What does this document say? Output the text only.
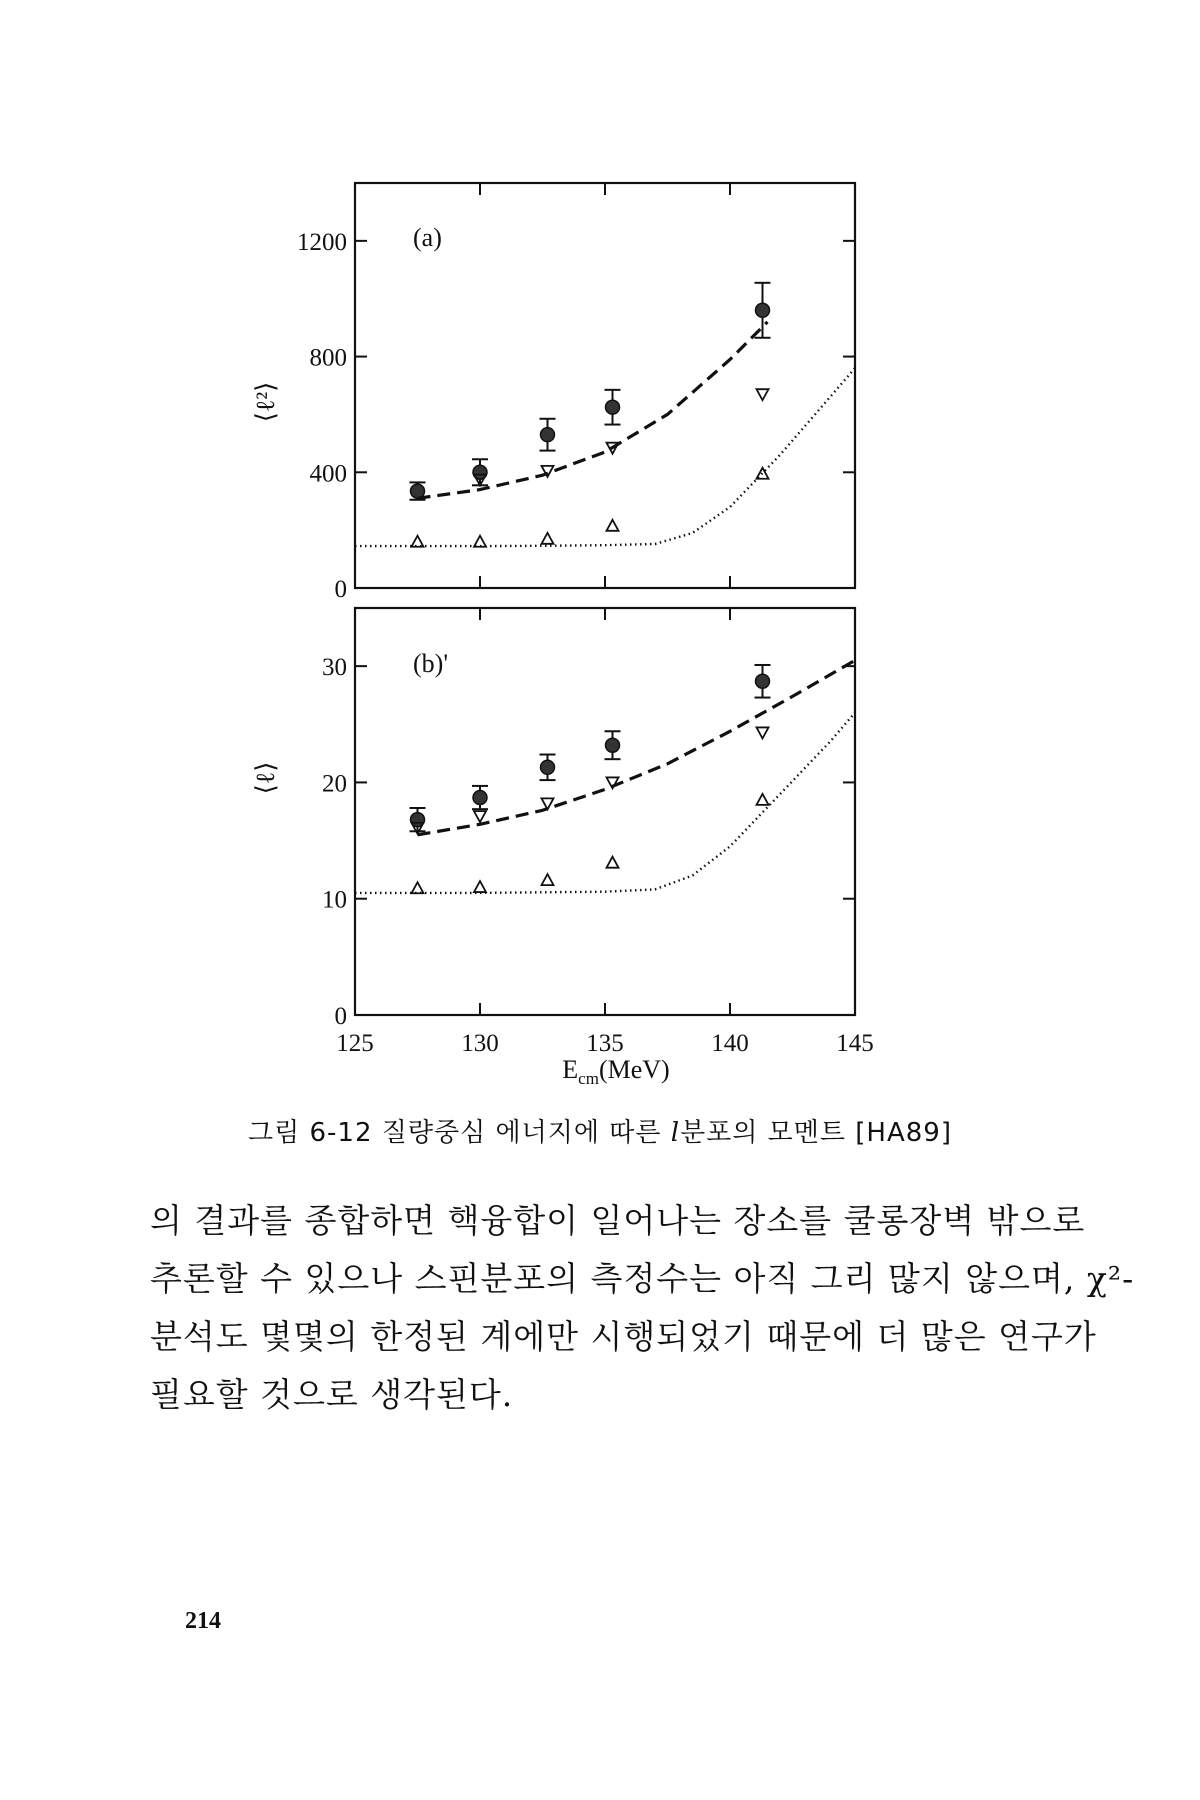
0
400
800
1200	(a)
⟨ℓ²⟩
0
10
20
30
125	130	135	140	145
(b)'
⟨ℓ⟩
$E_{cm}(MeV)$
그림 6-12 질량중심 에너지에 따른 l분포의 모멘트 [HA89]
의 결과를 종합하면 핵융합이 일어나는 장소를 쿨롱장벽 밖으로
추론할 수 있으나 스핀분포의 측정수는 아직 그리 많지 않으며, χ²-
분석도 몇몇의 한정된 계에만 시행되었기 때문에 더 많은 연구가
필요할 것으로 생각된다.
214
